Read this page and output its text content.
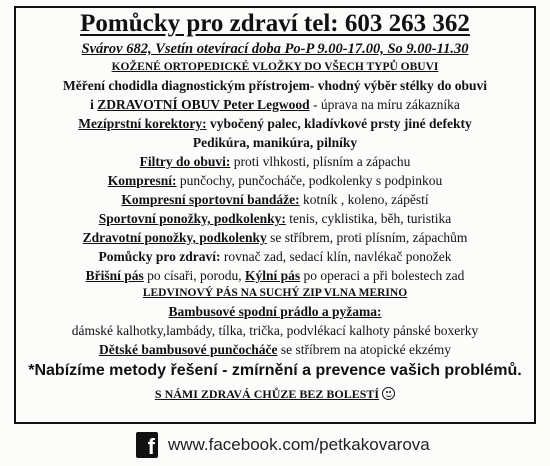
Pomůcky pro zdraví tel: 603 263 362
Svárov 682, Vsetín otevírací doba Po-P 9.00-17.00, So 9.00-11.30
KOŽENÉ ORTOPEDICKÉ VLOŽKY DO VŠECH TYPŮ OBUVI
Měření chodidla diagnostickým přístrojem- vhodný výběr stélky do obuvi
i ZDRAVOTNÍ OBUV Peter Legwood - úprava na míru zákazníka
Mezíprstní korektory: vybočený palec, kladívkové prsty jiné defekty
Pedikúra, manikúra, pilníky
Filtry do obuvi: proti vlhkosti, plísním a zápachu
Kompresní: punčochy, punčocháče, podkolenky s podpinkou
Kompresní sportovní bandáže: kotník , koleno, zápěstí
Sportovní ponožky, podkolenky: tenis, cyklistika, běh, turistika
Zdravotní ponožky, podkolenky se stříbrem, proti plísním, zápachům
Pomůcky pro zdraví: rovnač zad, sedací klín, navlékač ponožek
Břišní pás po císaři, porodu, Kýlní pás po operaci a při bolestech zad
LEDVINOVÝ PÁS NA SUCHÝ ZIP VLNA MERINO
Bambusové spodní prádlo a pyžama:
dámské kalhotky,lambády, tílka, trička, podvlékací kalhoty pánské boxerky
Dětské bambusové punčocháče se stříbrem na atopické ekzémy
*Nabízíme metody řešení - zmírnění a prevence vašich problémů.
S NÁMI ZDRAVÁ CHŮZE BEZ BOLESTÍ
f www.facebook.com/petkakovarova
